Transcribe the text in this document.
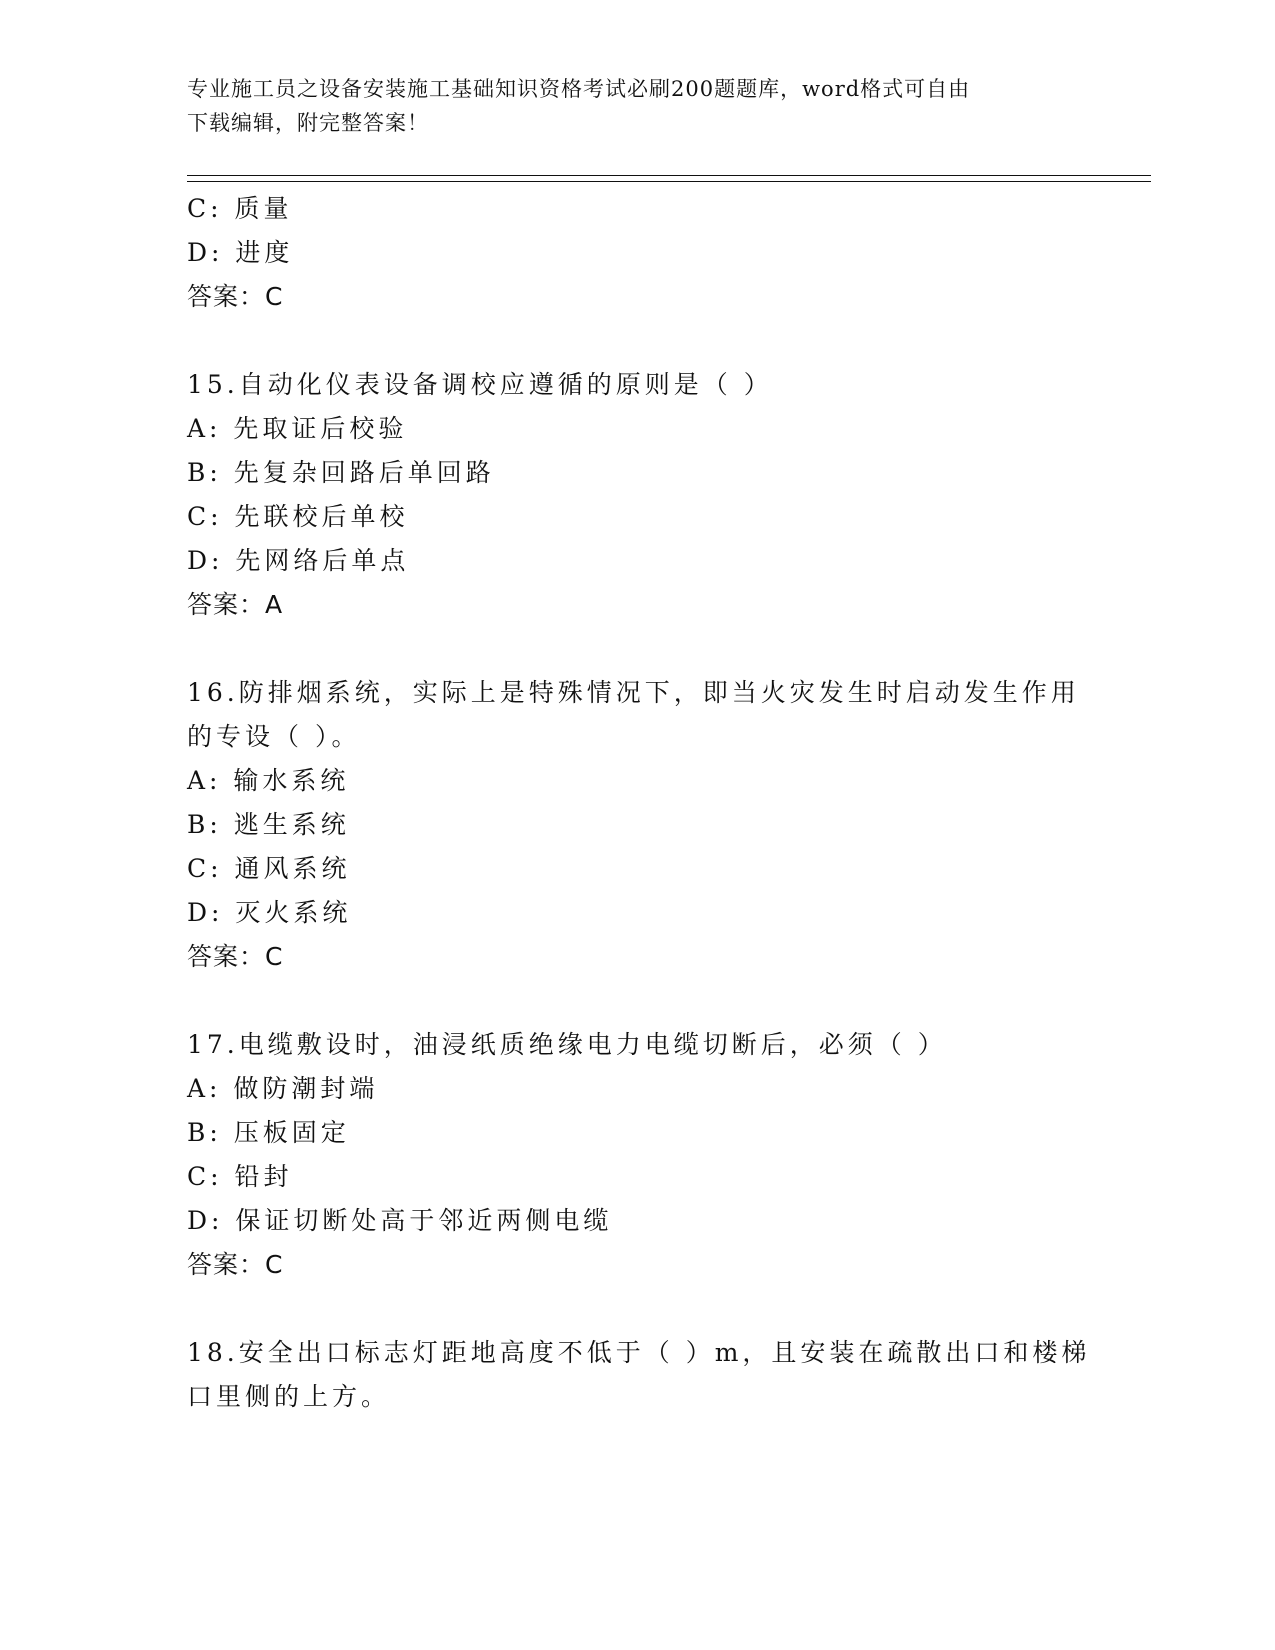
专业施工员之设备安装施工基础知识资格考试必刷200题题库，word格式可自由
下载编辑，附完整答案！
C: 质量
D: 进度
答案：C
15.自动化仪表设备调校应遵循的原则是（ ）
A: 先取证后校验
B: 先复杂回路后单回路
C: 先联校后单校
D: 先网络后单点
答案：A
16.防排烟系统，实际上是特殊情况下，即当火灾发生时启动发生作用
的专设（ ）。
A: 输水系统
B: 逃生系统
C: 通风系统
D: 灭火系统
答案：C
17.电缆敷设时，油浸纸质绝缘电力电缆切断后，必须（ ）
A: 做防潮封端
B: 压板固定
C: 铅封
D: 保证切断处高于邻近两侧电缆
答案：C
18.安全出口标志灯距地高度不低于（ ）m，且安装在疏散出口和楼梯
口里侧的上方。
